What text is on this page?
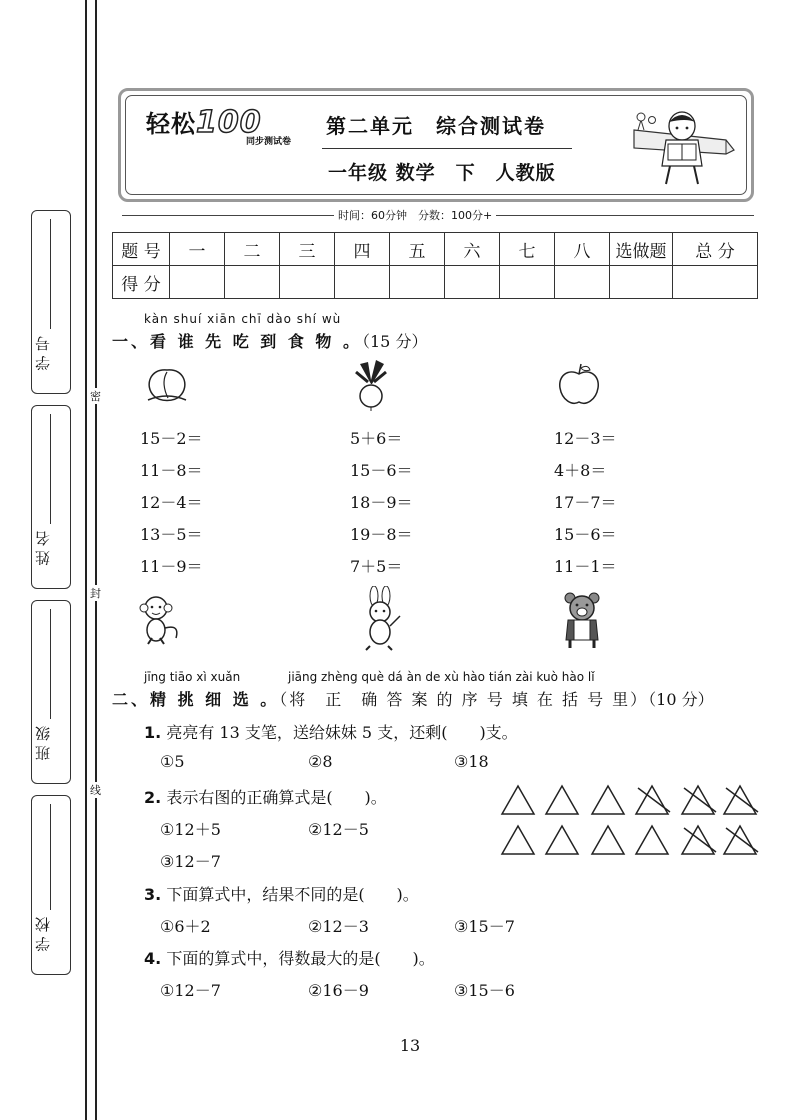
学 号
姓 名
班 级
学 校
密
封
线
轻松100
同步测试卷
第二单元　综合测试卷
一年级 数学　下　人教版
时间：60分钟　分数：100分+
题 号	一	二	三	四	五	六	七	八	选做题	总 分
得 分										
kàn shuí xiān chī dào shí wù
一、看 谁 先 吃 到 食 物 。（15 分）
15－2＝
11－8＝
12－4＝
13－5＝
11－9＝
5＋6＝
15－6＝
18－9＝
19－8＝
7＋5＝
12－3＝
4＋8＝
17－7＝
15－6＝
11－1＝
jīng tiāo xì xuǎn	jiāng zhèng què dá àn de xù hào tián zài kuò hào lǐ
二、精 挑 细 选 。（将　正　确 答 案 的 序 号 填 在 括 号 里）（10 分）
1. 亮亮有 13 支笔，送给妹妹 5 支，还剩(　　)支。
①5	②8	③18
2. 表示右图的正确算式是(　　)。
①12＋5	②12－5
③12－7
3. 下面算式中，结果不同的是(　　)。
①6＋2	②12－3	③15－7
4. 下面的算式中，得数最大的是(　　)。
①12－7	②16－9	③15－6
13
